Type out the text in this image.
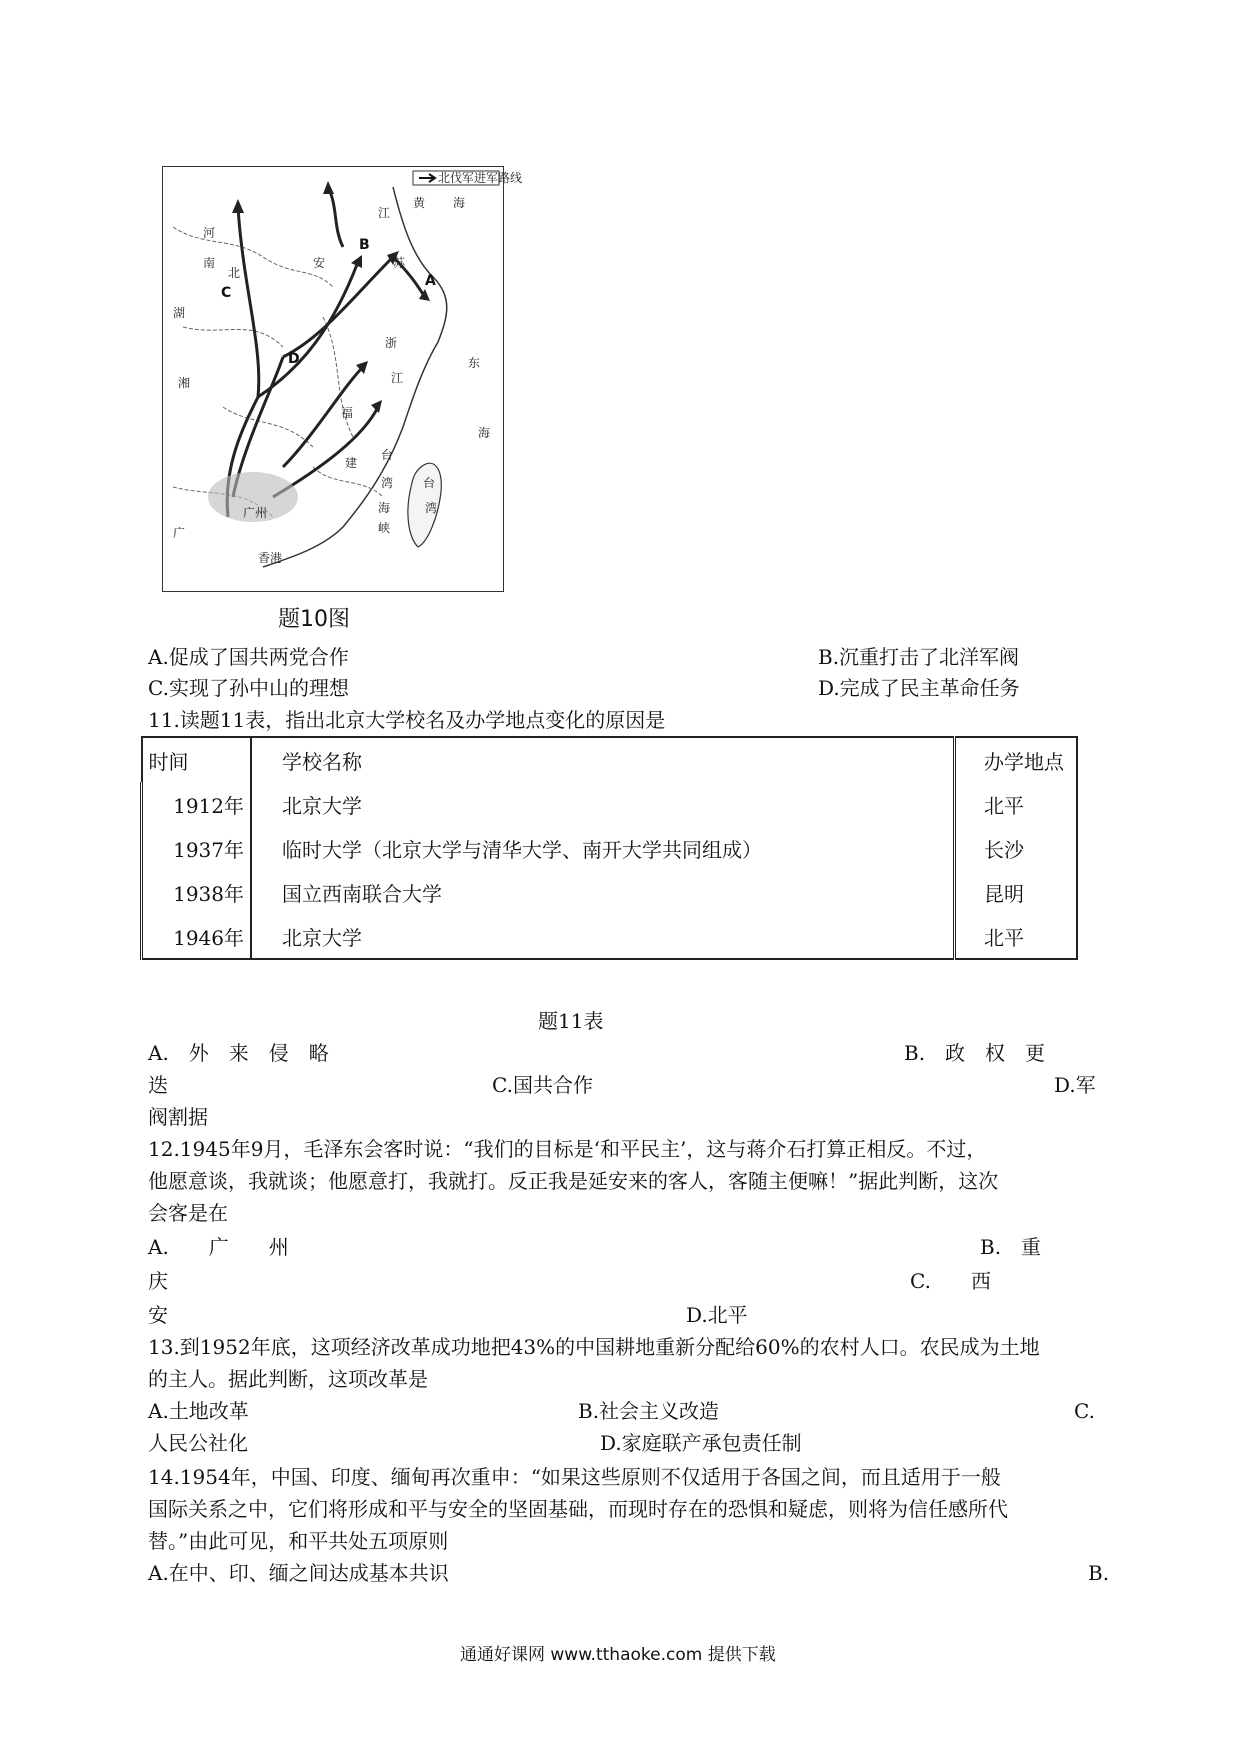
北伐军进军路线
A
B
C
D
黄 海
东
海
江
苏
安
浙
江
福
建
台
湾
海
峡
台
湾
河
南
北
湖
湘
广
广州
香港
题10图
A.促成了国共两党合作	B.沉重打击了北洋军阀
C.实现了孙中山的理想	D.完成了民主革命任务
11.读题11表，指出北京大学校名及办学地点变化的原因是
时间	学校名称	办学地点
1912年	北京大学	北平
1937年	临时大学（北京大学与清华大学、南开大学共同组成）	长沙
1938年	国立西南联合大学	昆明
1946年	北京大学	北平
题11表
A.　外　来　侵　略	B.　政　权　更
迭	C.国共合作	D.军
阀割据
12.1945年9月，毛泽东会客时说：“我们的目标是‘和平民主’，这与蒋介石打算正相反。不过，
他愿意谈，我就谈；他愿意打，我就打。反正我是延安来的客人，客随主便嘛！”据此判断，这次
会客是在
A.　　广　　州	B.　重
庆	C.　　西
安	D.北平
13.到1952年底，这项经济改革成功地把43%的中国耕地重新分配给60%的农村人口。农民成为土地
的主人。据此判断，这项改革是
A.土地改革	B.社会主义改造	C.
人民公社化	D.家庭联产承包责任制
14.1954年，中国、印度、缅甸再次重申：“如果这些原则不仅适用于各国之间，而且适用于一般
国际关系之中，它们将形成和平与安全的坚固基础，而现时存在的恐惧和疑虑，则将为信任感所代
替。”由此可见，和平共处五项原则
A.在中、印、缅之间达成基本共识	B.
通通好课网 www.tthaoke.com 提供下载
